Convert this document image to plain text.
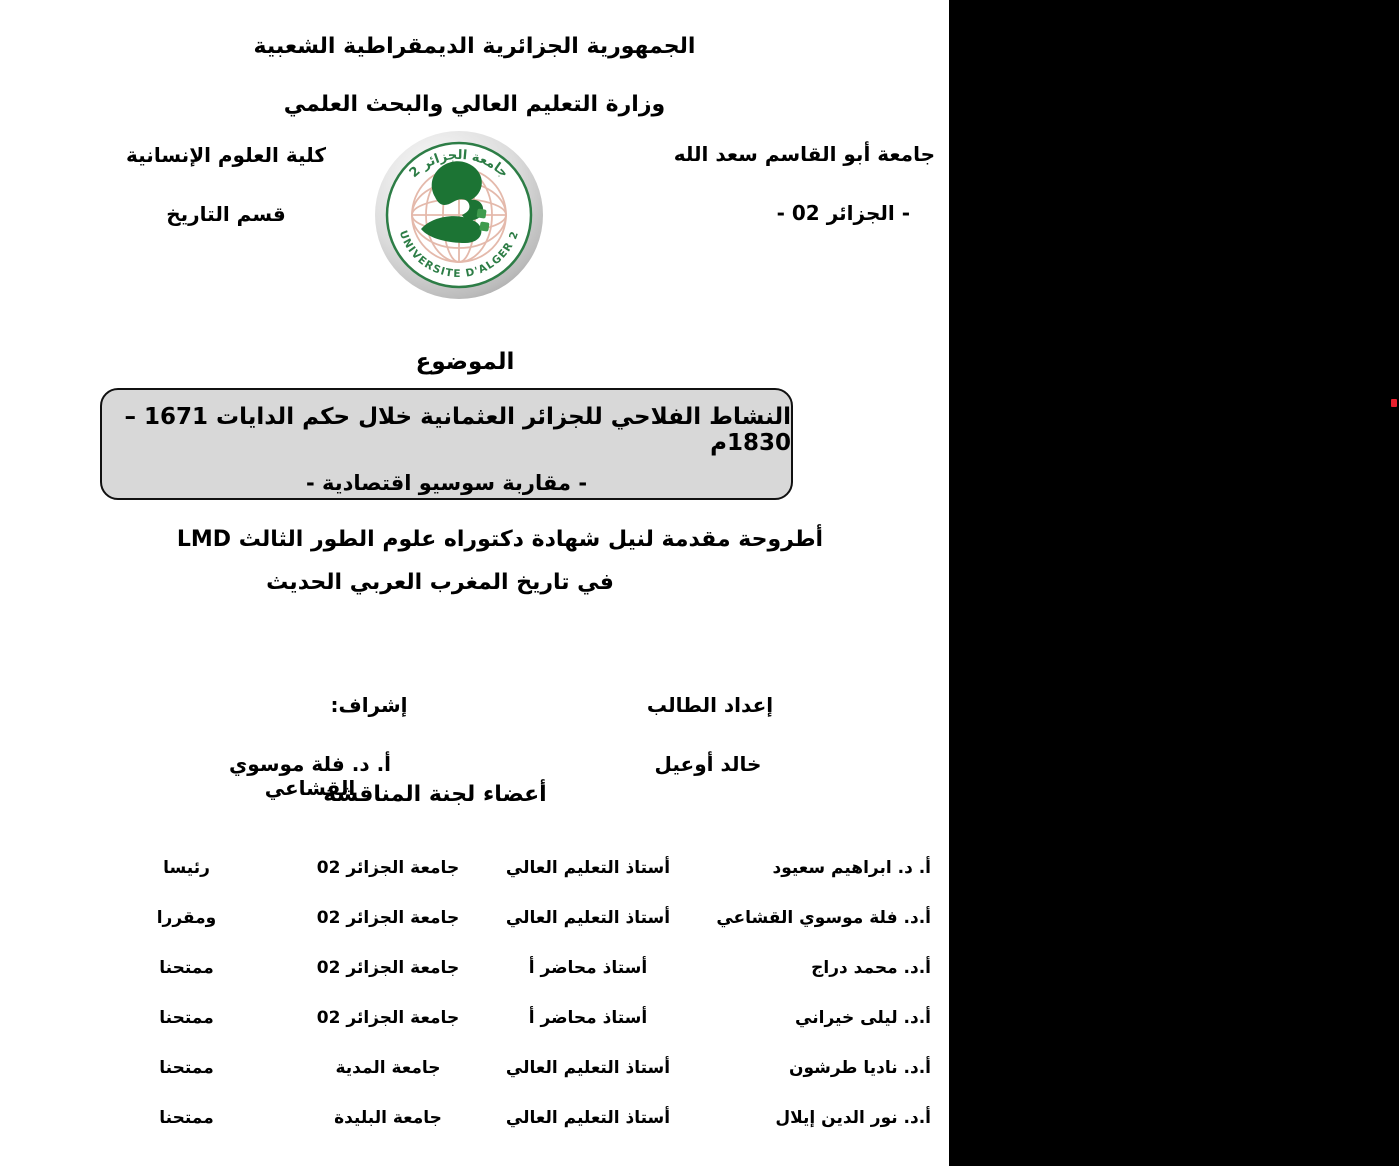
الجمهورية الجزائرية الديمقراطية الشعبية
وزارة التعليم العالي والبحث العلمي
جامعة أبو القاسم سعد الله
- الجزائر 02 -
كلية العلوم الإنسانية
قسم التاريخ
جامعة الجزائر 2
UNIVERSITE D'ALGER 2
الموضوع
النشاط الفلاحي للجزائر العثمانية خلال حكم الدايات 1671 – 1830م
- مقاربة سوسيو اقتصادية -
أطروحة مقدمة لنيل شهادة دكتوراه علوم الطور الثالث LMD
في تاريخ المغرب العربي الحديث
إعداد الطالب
إشراف:
خالد أوعيل
أ. د. فلة موسوي القشاعي
أعضاء لجنة المناقشة
أ. د. ابراهيم سعيود
أستاذ التعليم العالي
جامعة الجزائر 02
رئيسا
أ.د. فلة موسوي القشاعي
أستاذ التعليم العالي
جامعة الجزائر 02
ومقررا
أ.د. محمد دراج
أستاذ محاضر أ
جامعة الجزائر 02
ممتحنا
أ.د. ليلى خيراني
أستاذ محاضر أ
جامعة الجزائر 02
ممتحنا
أ.د. ناديا طرشون
أستاذ التعليم العالي
جامعة المدية
ممتحنا
أ.د. نور الدين إيلال
أستاذ التعليم العالي
جامعة البليدة
ممتحنا
